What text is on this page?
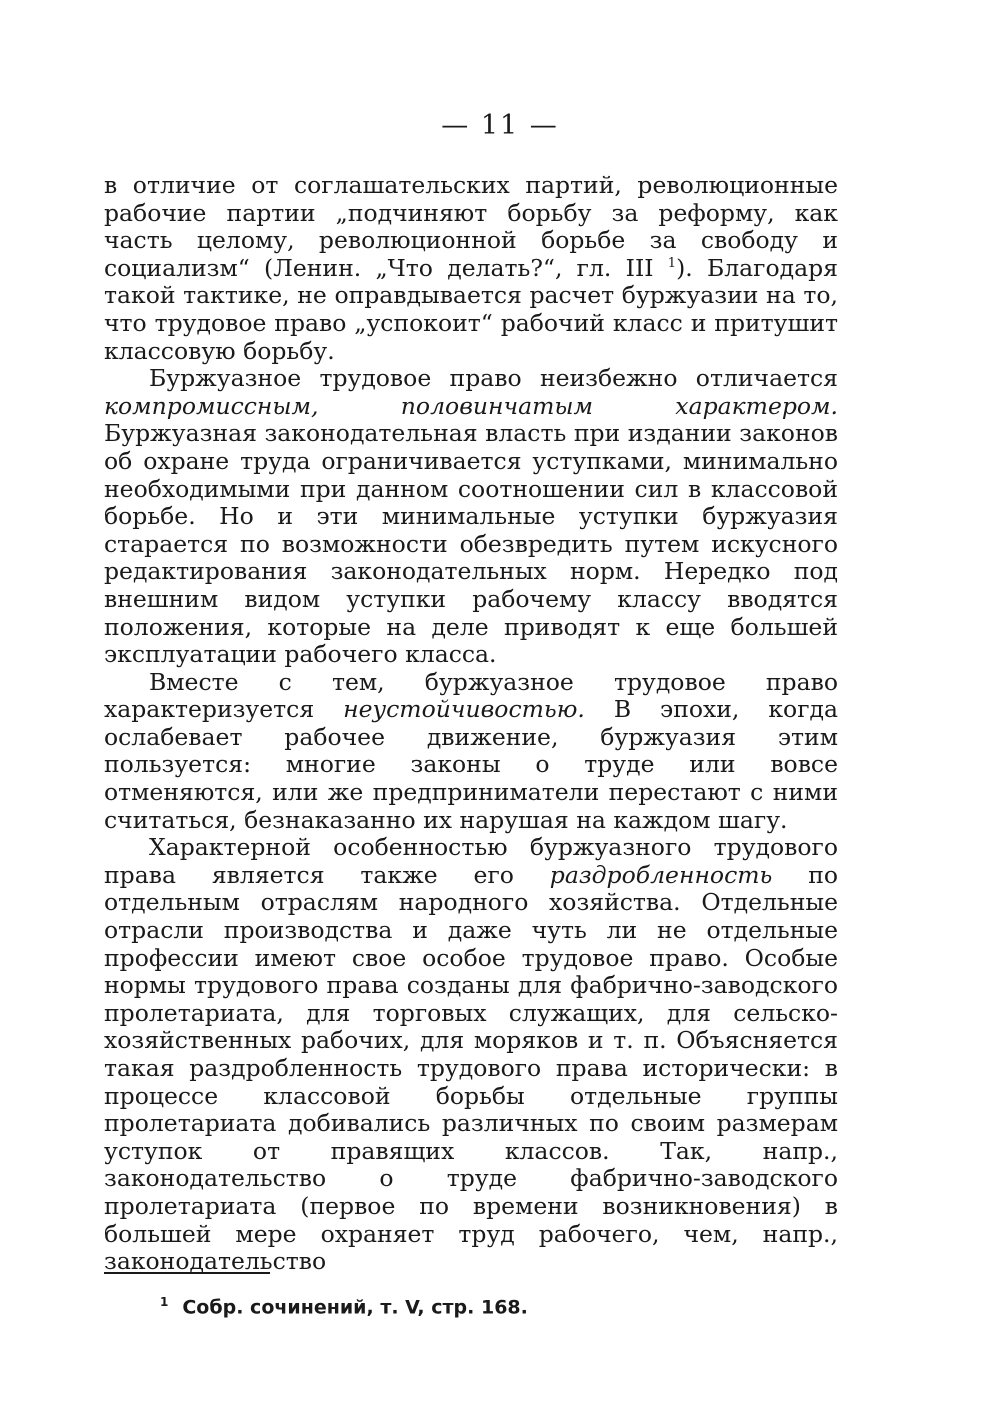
— 11 —

в отличие от соглашательских партий, революционные рабочие партии „подчиняют борьбу за реформу, как часть целому, революционной борьбе за свободу и социализм“ (Ленин. „Что делать?“, гл. III $^1$). Благодаря такой тактике, не оправдывается расчет буржуазии на то, что трудовое право „успокоит“ рабочий класс и притушит классовую борьбу.

Буржуазное трудовое право неизбежно отличается компромиссным, половинчатым характером. Буржуазная законодательная власть при издании законов об охране труда ограничивается уступками, минимально необходимыми при данном соотношении сил в классовой борьбе. Но и эти минимальные уступки буржуазия старается по возможности обезвредить путем искусного редактирования законодательных норм. Нередко под внешним видом уступки рабочему классу вводятся положения, которые на деле приводят к еще большей эксплуатации рабочего класса.

Вместе с тем, буржуазное трудовое право характеризуется неустойчивостью. В эпохи, когда ослабевает рабочее движение, буржуазия этим пользуется: многие законы о труде или вовсе отменяются, или же предприниматели перестают с ними считаться, безнаказанно их нарушая на каждом шагу.

Характерной особенностью буржуазного трудового права является также его раздробленность по отдельным отраслям народного хозяйства. Отдельные отрасли производства и даже чуть ли не отдельные профессии имеют свое особое трудовое право. Особые нормы трудового права созданы для фабрично-заводского пролетариата, для торговых служащих, для сельско-хозяйственных рабочих, для моряков и т. п. Объясняется такая раздробленность трудового права исторически: в процессе классовой борьбы отдельные группы пролетариата добивались различных по своим размерам уступок от правящих классов. Так, напр., законодательство о труде фабрично-заводского пролетариата (первое по времени возникновения) в большей мере охраняет труд рабочего, чем, напр., законодательство

$^1$ Собр. сочинений, т. V, стр. 168.
